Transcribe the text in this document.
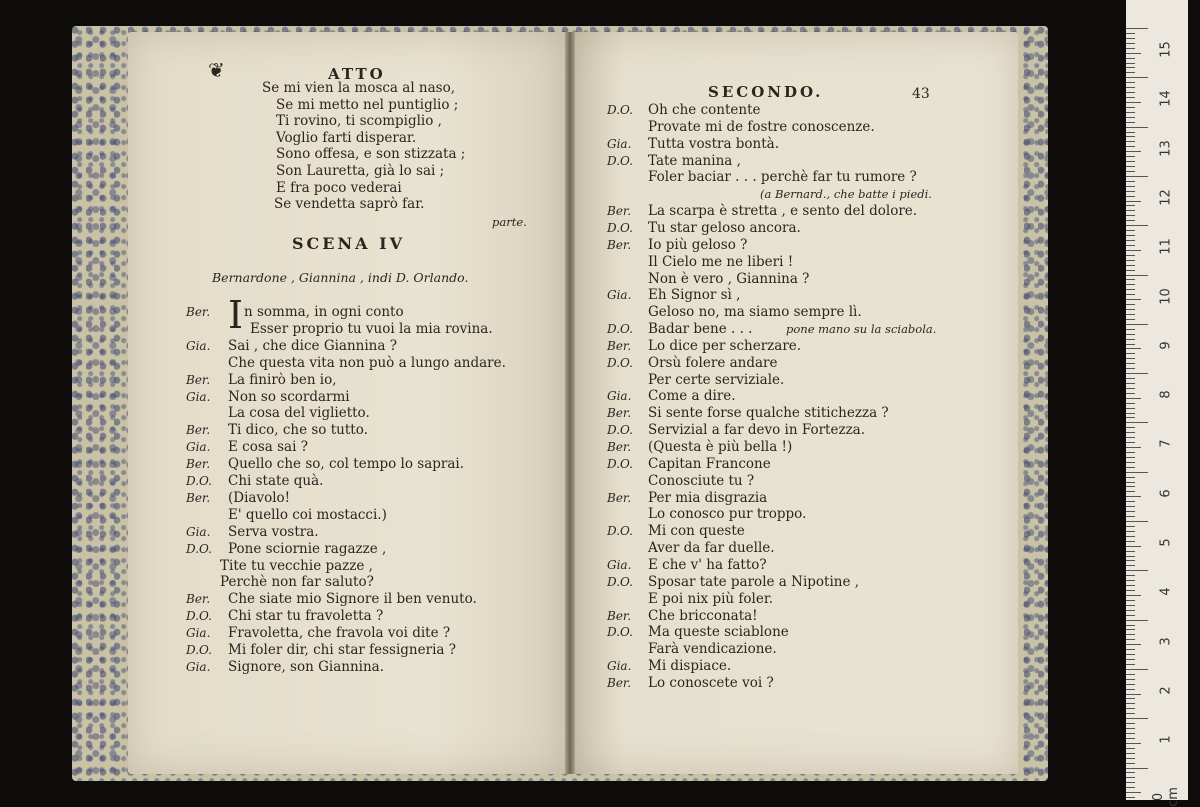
15
14
13
12
11
10
9
8
7
6
5
4
3
2
1
0 cm
❦	ATTO
Se mi vien la mosca al naso,
Se mi metto nel puntiglio ;
Ti rovino, ti scompiglio ,
Voglio farti disperar.
Sono offesa, e son stizzata ;
Son Lauretta, già lo sai ;
E fra poco vederai
Se vendetta saprò far.
parte.
SCENA IV
Bernardone , Giannina , indi D. Orlando.
I
Ber.	n somma, in ogni conto
Esser proprio tu vuoi la mia rovina.
Gia. Sai , che dice Giannina ?
Che questa vita non può a lungo andare.
Ber. La finirò ben io,
Gia. Non so scordarmi
La cosa del viglietto.
Ber. Ti dico, che so tutto.
Gia. E cosa sai ?
Ber. Quello che so, col tempo lo saprai.
D.O. Chi state quà.
Ber. (Diavolo!
E' quello coi mostacci.)
Gia. Serva vostra.
D.O. Pone sciornie ragazze ,
Tite tu vecchie pazze ,
Perchè non far saluto?
Ber. Che siate mio Signore il ben venuto.
D.O. Chi star tu fravoletta ?
Gia. Fravoletta, che fravola voi dite ?
D.O. Mi foler dir, chi star fessigneria ?
Gia. Signore, son Giannina.
SECONDO.	43
D.O. Oh che contente
Provate mi de fostre conoscenze.
Gia. Tutta vostra bontà.
D.O. Tate manina ,
Foler baciar . . . perchè far tu rumore ?
(a Bernard., che batte i piedi.
Ber. La scarpa è stretta , e sento del dolore.
D.O. Tu star geloso ancora.
Ber. Io più geloso ?
Il Cielo me ne liberi !
Non è vero , Giannina ?
Gia. Eh Signor sì ,
Geloso no, ma siamo sempre lì.
D.O. Badar bene . . .	pone mano su la sciabola.
Ber. Lo dice per scherzare.
D.O. Orsù folere andare
Per certe serviziale.
Gia. Come a dire.
Ber. Si sente forse qualche stitichezza ?
D.O. Servizial a far devo in Fortezza.
Ber. (Questa è più bella !)
D.O. Capitan Francone
Conosciute tu ?
Ber. Per mia disgrazia
Lo conosco pur troppo.
D.O. Mi con queste
Aver da far duelle.
Gia. E che v' ha fatto?
D.O. Sposar tate parole a Nipotine ,
E poi nix più foler.
Ber. Che bricconata!
D.O. Ma queste sciablone
Farà vendicazione.
Gia. Mi dispiace.
Ber. Lo conoscete voi ?
